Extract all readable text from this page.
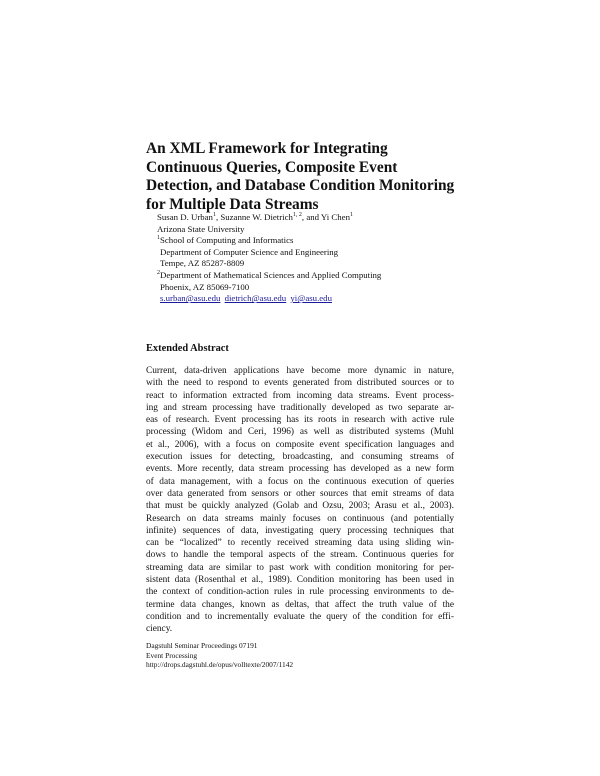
An XML Framework for Integrating
Continuous Queries, Composite Event
Detection, and Database Condition Monitoring
for Multiple Data Streams
Susan D. Urban$^1$, Suzanne W. Dietrich$^{1, 2}$, and Yi Chen$^1$
Arizona State University
$^1$School of Computing and Informatics
Department of Computer Science and Engineering
Tempe, AZ 85287-8809
$^2$Department of Mathematical Sciences and Applied Computing
Phoenix, AZ 85069-7100
s.urban@asu.edu dietrich@asu.edu yi@asu.edu
Extended Abstract
Current, data-driven applications have become more dynamic in nature,
with the need to respond to events generated from distributed sources or to
react to information extracted from incoming data streams. Event process-
ing and stream processing have traditionally developed as two separate ar-
eas of research. Event processing has its roots in research with active rule
processing (Widom and Ceri, 1996) as well as distributed systems (Muhl
et al., 2006), with a focus on composite event specification languages and
execution issues for detecting, broadcasting, and consuming streams of
events. More recently, data stream processing has developed as a new form
of data management, with a focus on the continuous execution of queries
over data generated from sensors or other sources that emit streams of data
that must be quickly analyzed (Golab and Ozsu, 2003; Arasu et al., 2003).
Research on data streams mainly focuses on continuous (and potentially
infinite) sequences of data, investigating query processing techniques that
can be “localized” to recently received streaming data using sliding win-
dows to handle the temporal aspects of the stream. Continuous queries for
streaming data are similar to past work with condition monitoring for per-
sistent data (Rosenthal et al., 1989). Condition monitoring has been used in
the context of condition-action rules in rule processing environments to de-
termine data changes, known as deltas, that affect the truth value of the
condition and to incrementally evaluate the query of the condition for effi-
ciency.
Dagstuhl Seminar Proceedings 07191
Event Processing
http://drops.dagstuhl.de/opus/volltexte/2007/1142
